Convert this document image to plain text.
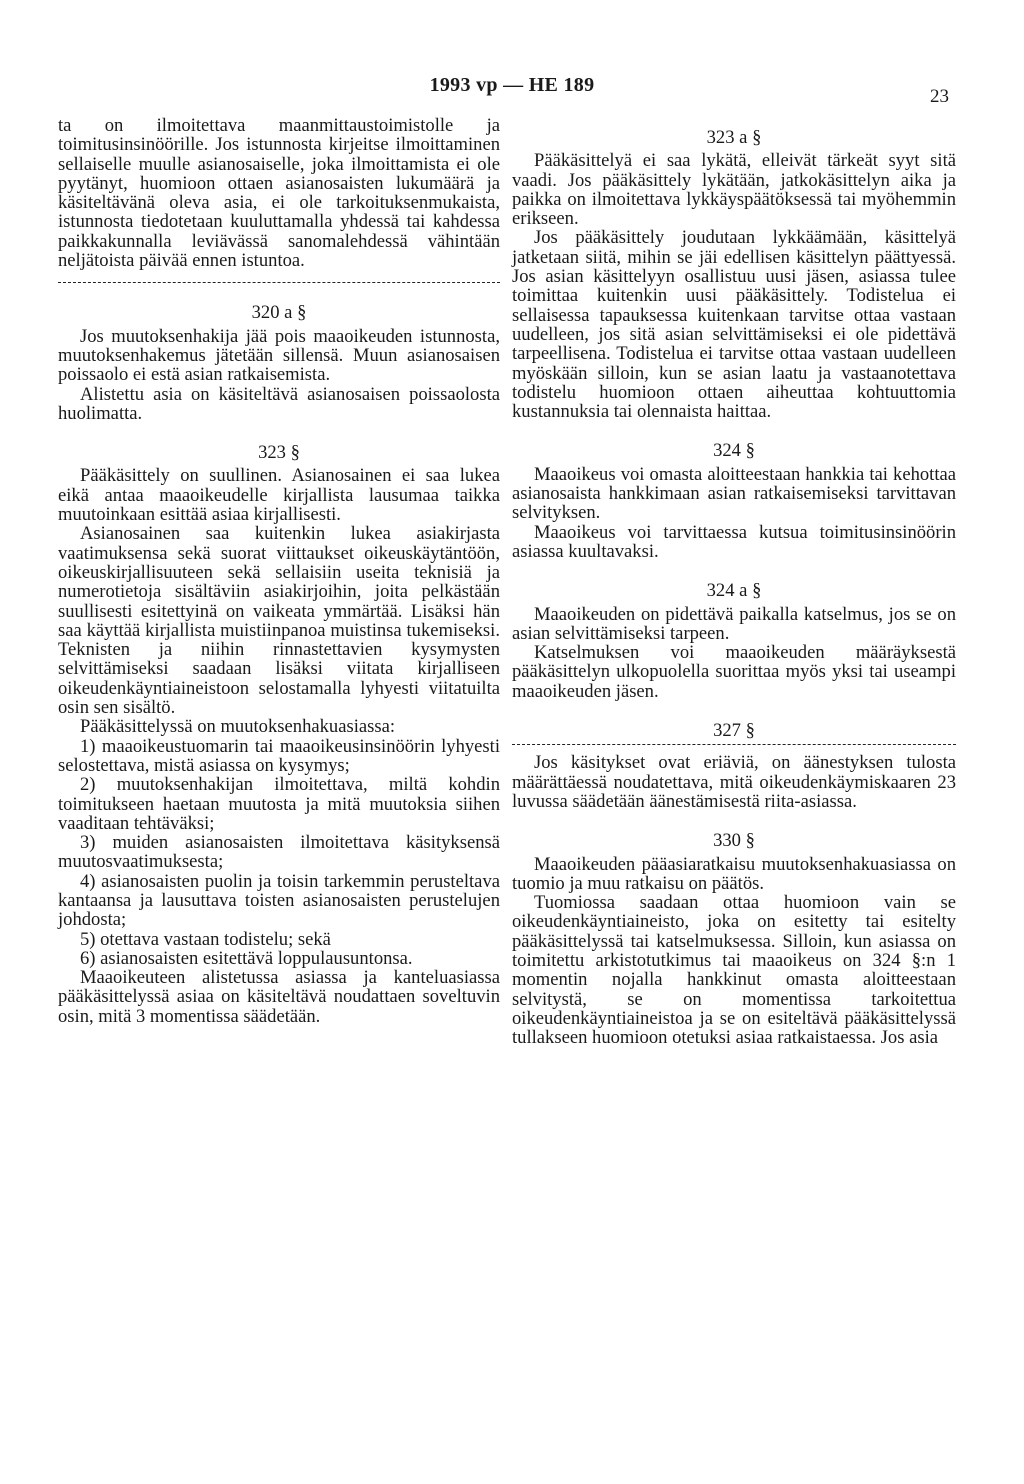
1993 vp — HE 189
23

ta on ilmoitettava maanmittaustoimistolle ja toimitusinsinöörille. Jos istunnosta kirjeitse ilmoittaminen sellaiselle muulle asianosaiselle, joka ilmoittamista ei ole pyytänyt, huomioon ottaen asianosaisten lukumäärä ja käsiteltävänä oleva asia, ei ole tarkoituksenmukaista, istunnosta tiedotetaan kuuluttamalla yhdessä tai kahdessa paikkakunnalla leviävässä sanomalehdessä vähintään neljätoista päivää ennen istuntoa.

320 a §

Jos muutoksenhakija jää pois maaoikeuden istunnosta, muutoksenhakemus jätetään sillensä. Muun asianosaisen poissaolo ei estä asian ratkaisemista.

Alistettu asia on käsiteltävä asianosaisen poissaolosta huolimatta.

323 §

Pääkäsittely on suullinen. Asianosainen ei saa lukea eikä antaa maaoikeudelle kirjallista lausumaa taikka muutoinkaan esittää asiaa kirjallisesti.

Asianosainen saa kuitenkin lukea asiakirjasta vaatimuksensa sekä suorat viittaukset oikeuskäytäntöön, oikeuskirjallisuuteen sekä sellaisiin useita teknisiä ja numerotietoja sisältäviin asiakirjoihin, joita pelkästään suullisesti esitettyinä on vaikeata ymmärtää. Lisäksi hän saa käyttää kirjallista muistiinpanoa muistinsa tukemiseksi. Teknisten ja niihin rinnastettavien kysymysten selvittämiseksi saadaan lisäksi viitata kirjalliseen oikeudenkäyntiaineistoon selostamalla lyhyesti viitatuilta osin sen sisältö.

Pääkäsittelyssä on muutoksenhakuasiassa:

1) maaoikeustuomarin tai maaoikeusinsinöörin lyhyesti selostettava, mistä asiassa on kysymys;

2) muutoksenhakijan ilmoitettava, miltä kohdin toimitukseen haetaan muutosta ja mitä muutoksia siihen vaaditaan tehtäväksi;

3) muiden asianosaisten ilmoitettava käsityksensä muutosvaatimuksesta;

4) asianosaisten puolin ja toisin tarkemmin perusteltava kantaansa ja lausuttava toisten asianosaisten perustelujen johdosta;

5) otettava vastaan todistelu; sekä

6) asianosaisten esitettävä loppulausuntonsa.

Maaoikeuteen alistetussa asiassa ja kanteluasiassa pääkäsittelyssä asiaa on käsiteltävä noudattaen soveltuvin osin, mitä 3 momentissa säädetään.

323 a §

Pääkäsittelyä ei saa lykätä, elleivät tärkeät syyt sitä vaadi. Jos pääkäsittely lykätään, jatkokäsittelyn aika ja paikka on ilmoitettava lykkäyspäätöksessä tai myöhemmin erikseen.

Jos pääkäsittely joudutaan lykkäämään, käsittelyä jatketaan siitä, mihin se jäi edellisen käsittelyn päättyessä. Jos asian käsittelyyn osallistuu uusi jäsen, asiassa tulee toimittaa kuitenkin uusi pääkäsittely. Todistelua ei sellaisessa tapauksessa kuitenkaan tarvitse ottaa vastaan uudelleen, jos sitä asian selvittämiseksi ei ole pidettävä tarpeellisena. Todistelua ei tarvitse ottaa vastaan uudelleen myöskään silloin, kun se asian laatu ja vastaanotettava todistelu huomioon ottaen aiheuttaa kohtuuttomia kustannuksia tai olennaista haittaa.

324 §

Maaoikeus voi omasta aloitteestaan hankkia tai kehottaa asianosaista hankkimaan asian ratkaisemiseksi tarvittavan selvityksen.

Maaoikeus voi tarvittaessa kutsua toimitusinsinöörin asiassa kuultavaksi.

324 a §

Maaoikeuden on pidettävä paikalla katselmus, jos se on asian selvittämiseksi tarpeen.

Katselmuksen voi maaoikeuden määräyksestä pääkäsittelyn ulkopuolella suorittaa myös yksi tai useampi maaoikeuden jäsen.

327 §

Jos käsitykset ovat eriäviä, on äänestyksen tulosta määrättäessä noudatettava, mitä oikeudenkäymiskaaren 23 luvussa säädetään äänestämisestä riita-asiassa.

330 §

Maaoikeuden pääasiaratkaisu muutoksenhakuasiassa on tuomio ja muu ratkaisu on päätös.

Tuomiossa saadaan ottaa huomioon vain se oikeudenkäyntiaineisto, joka on esitetty tai esitelty pääkäsittelyssä tai katselmuksessa. Silloin, kun asiassa on toimitettu arkistotutkimus tai maaoikeus on 324 §:n 1 momentin nojalla hankkinut omasta aloitteestaan selvitystä, se on momentissa tarkoitettua oikeudenkäyntiaineistoa ja se on esiteltävä pääkäsittelyssä tullakseen huomioon otetuksi asiaa ratkaistaessa. Jos asia
